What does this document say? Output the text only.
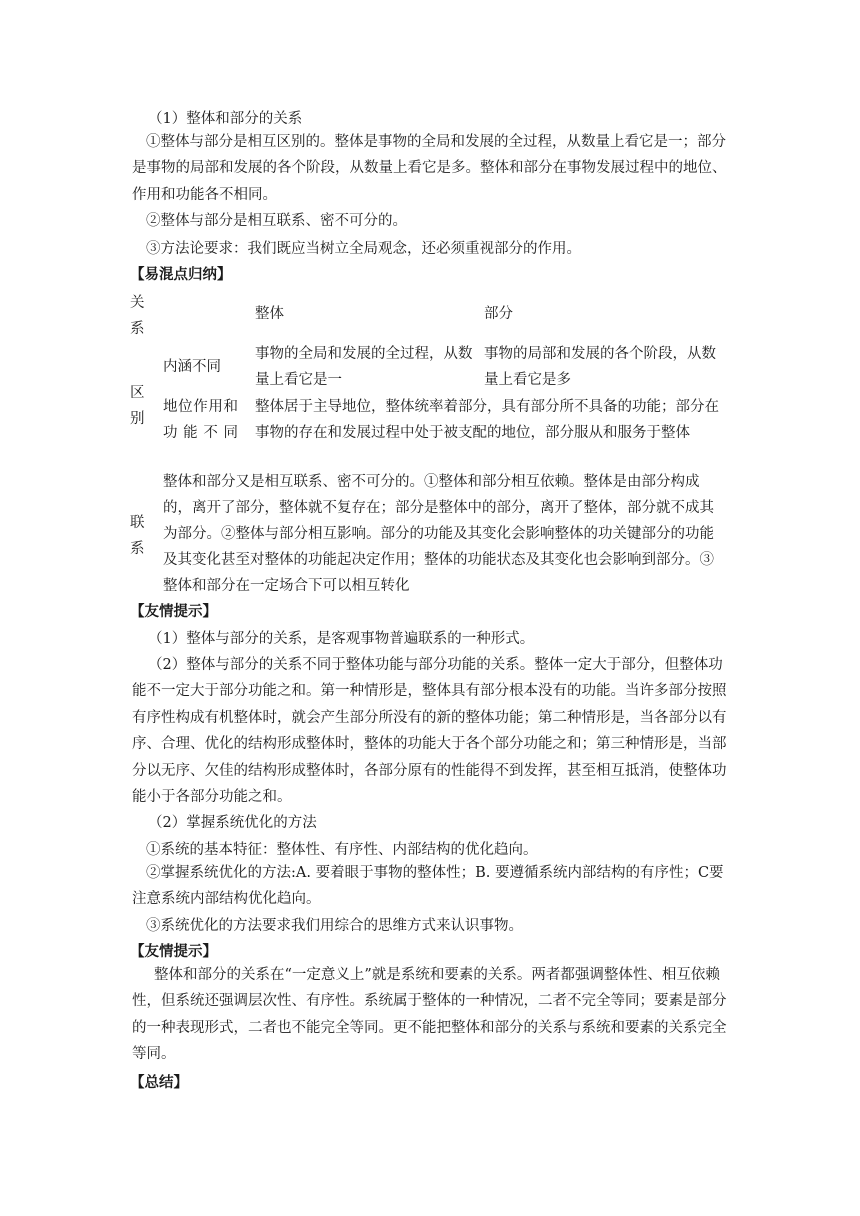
（1）整体和部分的关系
①整体与部分是相互区别的。整体是事物的全局和发展的全过程，从数量上看它是一；部分是事物的局部和发展的各个阶段，从数量上看它是多。整体和部分在事物发展过程中的地位、作用和功能各不相同。
②整体与部分是相互联系、密不可分的。
③方法论要求：我们既应当树立全局观念，还必须重视部分的作用。
【易混点归纳】
关系
整体	部分
区别
内涵不同
事物的全局和发展的全过程，从数量上看它是一
事物的局部和发展的各个阶段，从数量上看它是多
地位作用和功能不同
整体居于主导地位，整体统率着部分，具有部分所不具备的功能；部分在事物的存在和发展过程中处于被支配的地位，部分服从和服务于整体
联系
整体和部分又是相互联系、密不可分的。①整体和部分相互依赖。整体是由部分构成的，离开了部分，整体就不复存在；部分是整体中的部分，离开了整体，部分就不成其为部分。②整体与部分相互影响。部分的功能及其变化会影响整体的功关键部分的功能及其变化甚至对整体的功能起决定作用；整体的功能状态及其变化也会影响到部分。③整体和部分在一定场合下可以相互转化
【友情提示】
（1）整体与部分的关系，是客观事物普遍联系的一种形式。
（2）整体与部分的关系不同于整体功能与部分功能的关系。整体一定大于部分，但整体功能不一定大于部分功能之和。第一种情形是，整体具有部分根本没有的功能。当许多部分按照有序性构成有机整体时，就会产生部分所没有的新的整体功能；第二种情形是，当各部分以有序、合理、优化的结构形成整体时，整体的功能大于各个部分功能之和；第三种情形是，当部分以无序、欠佳的结构形成整体时，各部分原有的性能得不到发挥，甚至相互抵消，使整体功能小于各部分功能之和。
（2）掌握系统优化的方法
①系统的基本特征：整体性、有序性、内部结构的优化趋向。
②掌握系统优化的方法:A. 要着眼于事物的整体性；B. 要遵循系统内部结构的有序性；C要注意系统内部结构优化趋向。
③系统优化的方法要求我们用综合的思维方式来认识事物。
【友情提示】
整体和部分的关系在“一定意义上”就是系统和要素的关系。两者都强调整体性、相互依赖性，但系统还强调层次性、有序性。系统属于整体的一种情况，二者不完全等同；要素是部分的一种表现形式，二者也不能完全等同。更不能把整体和部分的关系与系统和要素的关系完全等同。
【总结】
